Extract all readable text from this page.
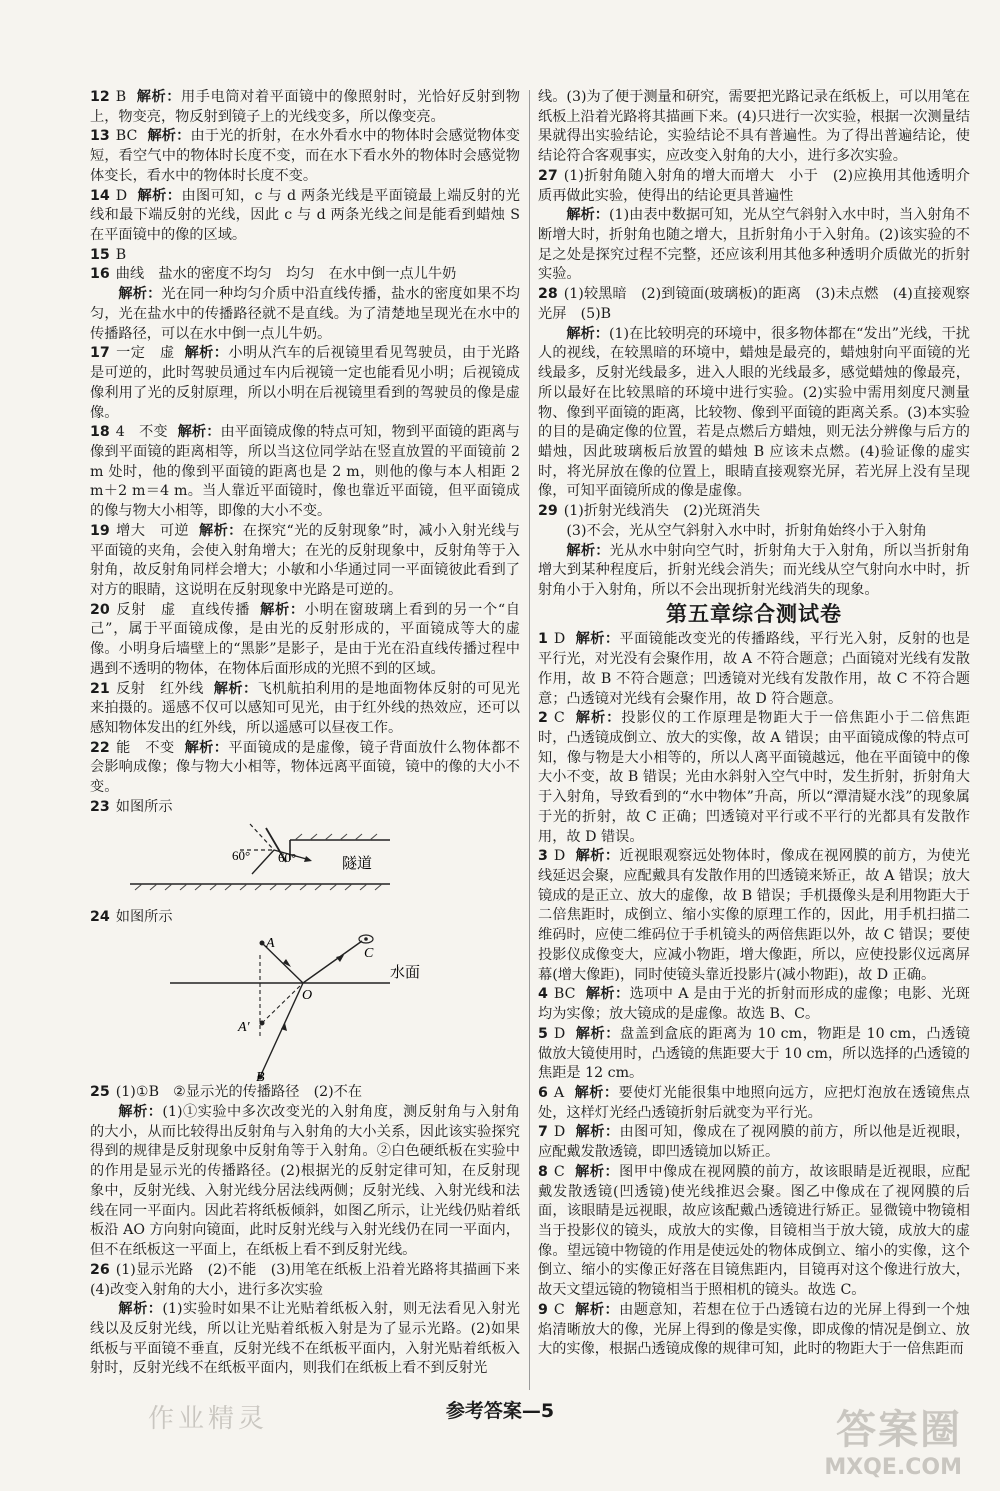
12 B 解析：用手电筒对着平面镜中的像照射时，光恰好反射到物上，物变亮，物反射到镜子上的光线变多，所以像变亮。

13 BC 解析：由于光的折射，在水外看水中的物体时会感觉物体变短，看空气中的物体时长度不变，而在水下看水外的物体时会感觉物体变长，看水中的物体时长度不变。

14 D 解析：由图可知，c 与 d 两条光线是平面镜最上端反射的光线和最下端反射的光线，因此 c 与 d 两条光线之间是能看到蜡烛 S 在平面镜中的像的区域。

15 B

16 曲线　盐水的密度不均匀　均匀　在水中倒一点儿牛奶

解析：光在同一种均匀介质中沿直线传播，盐水的密度如果不均匀，光在盐水中的传播路径就不是直线。为了清楚地呈现光在水中的传播路径，可以在水中倒一点儿牛奶。

17 一定　虚 解析：小明从汽车的后视镜里看见驾驶员，由于光路是可逆的，此时驾驶员通过车内后视镜一定也能看见小明；后视镜成像利用了光的反射原理，所以小明在后视镜里看到的驾驶员的像是虚像。

18 4　不变 解析：由平面镜成像的特点可知，物到平面镜的距离与像到平面镜的距离相等，所以当这位同学站在竖直放置的平面镜前 2 m 处时，他的像到平面镜的距离也是 2 m，则他的像与本人相距 2 m＋2 m＝4 m。当人靠近平面镜时，像也靠近平面镜，但平面镜成的像与物大小相等，即像的大小不变。

19 增大　可逆 解析：在探究“光的反射现象”时，减小入射光线与平面镜的夹角，会使入射角增大；在光的反射现象中，反射角等于入射角，故反射角同样会增大；小敏和小华通过同一平面镜彼此看到了对方的眼睛，这说明在反射现象中光路是可逆的。

20 反射　虚　直线传播 解析：小明在窗玻璃上看到的另一个“自己”，属于平面镜成像，是由光的反射形成的，平面镜成等大的虚像。小明身后墙壁上的“黑影”是影子，是由于光在沿直线传播过程中遇到不透明的物体，在物体后面形成的光照不到的区域。

21 反射　红外线 解析：飞机航拍利用的是地面物体反射的可见光来拍摄的。遥感不仅可以感知可见光，由于红外线的热效应，还可以感知物体发出的红外线，所以遥感可以昼夜工作。

22 能　不变 解析：平面镜成的是虚像，镜子背面放什么物体都不会影响成像；像与物大小相等，物体远离平面镜，镜中的像的大小不变。

23 如图所示

60° 60°	隧道

24 如图所示

A
A′
O
C
B
水面

25 (1)①B　②显示光的传播路径　(2)不在

解析：(1)①实验中多次改变光的入射角度，测反射角与入射角的大小，从而比较得出反射角与入射角的大小关系，因此该实验探究得到的规律是反射现象中反射角等于入射角。②白色硬纸板在实验中的作用是显示光的传播路径。(2)根据光的反射定律可知，在反射现象中，反射光线、入射光线分居法线两侧；反射光线、入射光线和法线在同一平面内。因此若将纸板倾斜，如图乙所示，让光线仍贴着纸板沿 AO 方向射向镜面，此时反射光线与入射光线仍在同一平面内，但不在纸板这一平面上，在纸板上看不到反射光线。

26 (1)显示光路　(2)不能　(3)用笔在纸板上沿着光路将其描画下来　(4)改变入射角的大小，进行多次实验

解析：(1)实验时如果不让光贴着纸板入射，则无法看见入射光线以及反射光线，所以让光贴着纸板入射是为了显示光路。(2)如果纸板与平面镜不垂直，反射光线不在纸板平面内，入射光贴着纸板入射时，反射光线不在纸板平面内，则我们在纸板上看不到反射光

线。(3)为了便于测量和研究，需要把光路记录在纸板上，可以用笔在纸板上沿着光路将其描画下来。(4)只进行一次实验，根据一次测量结果就得出实验结论，实验结论不具有普遍性。为了得出普遍结论，使结论符合客观事实，应改变入射角的大小，进行多次实验。

27 (1)折射角随入射角的增大而增大　小于　(2)应换用其他透明介质再做此实验，使得出的结论更具普遍性

解析：(1)由表中数据可知，光从空气斜射入水中时，当入射角不断增大时，折射角也随之增大，且折射角小于入射角。(2)该实验的不足之处是探究过程不完整，还应该利用其他多种透明介质做光的折射实验。

28 (1)较黑暗　(2)到镜面(玻璃板)的距离　(3)未点燃　(4)直接观察光屏　(5)B

解析：(1)在比较明亮的环境中，很多物体都在“发出”光线，干扰人的视线，在较黑暗的环境中，蜡烛是最亮的，蜡烛射向平面镜的光线最多，反射光线最多，进入人眼的光线最多，感觉蜡烛的像最亮，所以最好在比较黑暗的环境中进行实验。(2)实验中需用刻度尺测量物、像到平面镜的距离，比较物、像到平面镜的距离关系。(3)本实验的目的是确定像的位置，若是点燃后方蜡烛，则无法分辨像与后方的蜡烛，因此玻璃板后放置的蜡烛 B 应该未点燃。(4)验证像的虚实时，将光屏放在像的位置上，眼睛直接观察光屏，若光屏上没有呈现像，可知平面镜所成的像是虚像。

29 (1)折射光线消失　(2)光斑消失

(3)不会，光从空气斜射入水中时，折射角始终小于入射角

解析：光从水中射向空气时，折射角大于入射角，所以当折射角增大到某种程度后，折射光线会消失；而光线从空气射向水中时，折射角小于入射角，所以不会出现折射光线消失的现象。

第五章综合测试卷

1 D 解析：平面镜能改变光的传播路线，平行光入射，反射的也是平行光，对光没有会聚作用，故 A 不符合题意；凸面镜对光线有发散作用，故 B 不符合题意；凹透镜对光线有发散作用，故 C 不符合题意；凸透镜对光线有会聚作用，故 D 符合题意。

2 C 解析：投影仪的工作原理是物距大于一倍焦距小于二倍焦距时，凸透镜成倒立、放大的实像，故 A 错误；由平面镜成像的特点可知，像与物是大小相等的，所以人离平面镜越远，他在平面镜中的像大小不变，故 B 错误；光由水斜射入空气中时，发生折射，折射角大于入射角，导致看到的“水中物体”升高，所以“潭清疑水浅”的现象属于光的折射，故 C 正确；凹透镜对平行或不平行的光都具有发散作用，故 D 错误。

3 D 解析：近视眼观察远处物体时，像成在视网膜的前方，为使光线延迟会聚，应配戴具有发散作用的凹透镜来矫正，故 A 错误；放大镜成的是正立、放大的虚像，故 B 错误；手机摄像头是利用物距大于二倍焦距时，成倒立、缩小实像的原理工作的，因此，用手机扫描二维码时，应使二维码位于手机镜头的两倍焦距以外，故 C 错误；要使投影仪成像变大，应减小物距，增大像距，所以，应使投影仪远离屏幕(增大像距)，同时使镜头靠近投影片(减小物距)，故 D 正确。

4 BC 解析：选项中 A 是由于光的折射而形成的虚像；电影、光斑均为实像；放大镜成的是虚像。故选 B、C。

5 D 解析：盘盖到盒底的距离为 10 cm，物距是 10 cm，凸透镜做放大镜使用时，凸透镜的焦距要大于 10 cm，所以选择的凸透镜的焦距是 12 cm。

6 A 解析：要使灯光能很集中地照向远方，应把灯泡放在透镜焦点处，这样灯光经凸透镜折射后就变为平行光。

7 D 解析：由图可知，像成在了视网膜的前方，所以他是近视眼，应配戴发散透镜，即凹透镜加以矫正。

8 C 解析：图甲中像成在视网膜的前方，故该眼睛是近视眼，应配戴发散透镜(凹透镜)使光线推迟会聚。图乙中像成在了视网膜的后面，该眼睛是远视眼，故应该配戴凸透镜进行矫正。显微镜中物镜相当于投影仪的镜头，成放大的实像，目镜相当于放大镜，成放大的虚像。望远镜中物镜的作用是使远处的物体成倒立、缩小的实像，这个倒立、缩小的实像正好落在目镜焦距内，目镜再对这个像进行放大，故天文望远镜的物镜相当于照相机的镜头。故选 C。

9 C 解析：由题意知，若想在位于凸透镜右边的光屏上得到一个烛焰清晰放大的像，光屏上得到的像是实像，即成像的情况是倒立、放大的实像，根据凸透镜成像的规律可知，此时的物距大于一倍焦距而

参考答案—5
作业精灵	答案圈
MXQE.COM
